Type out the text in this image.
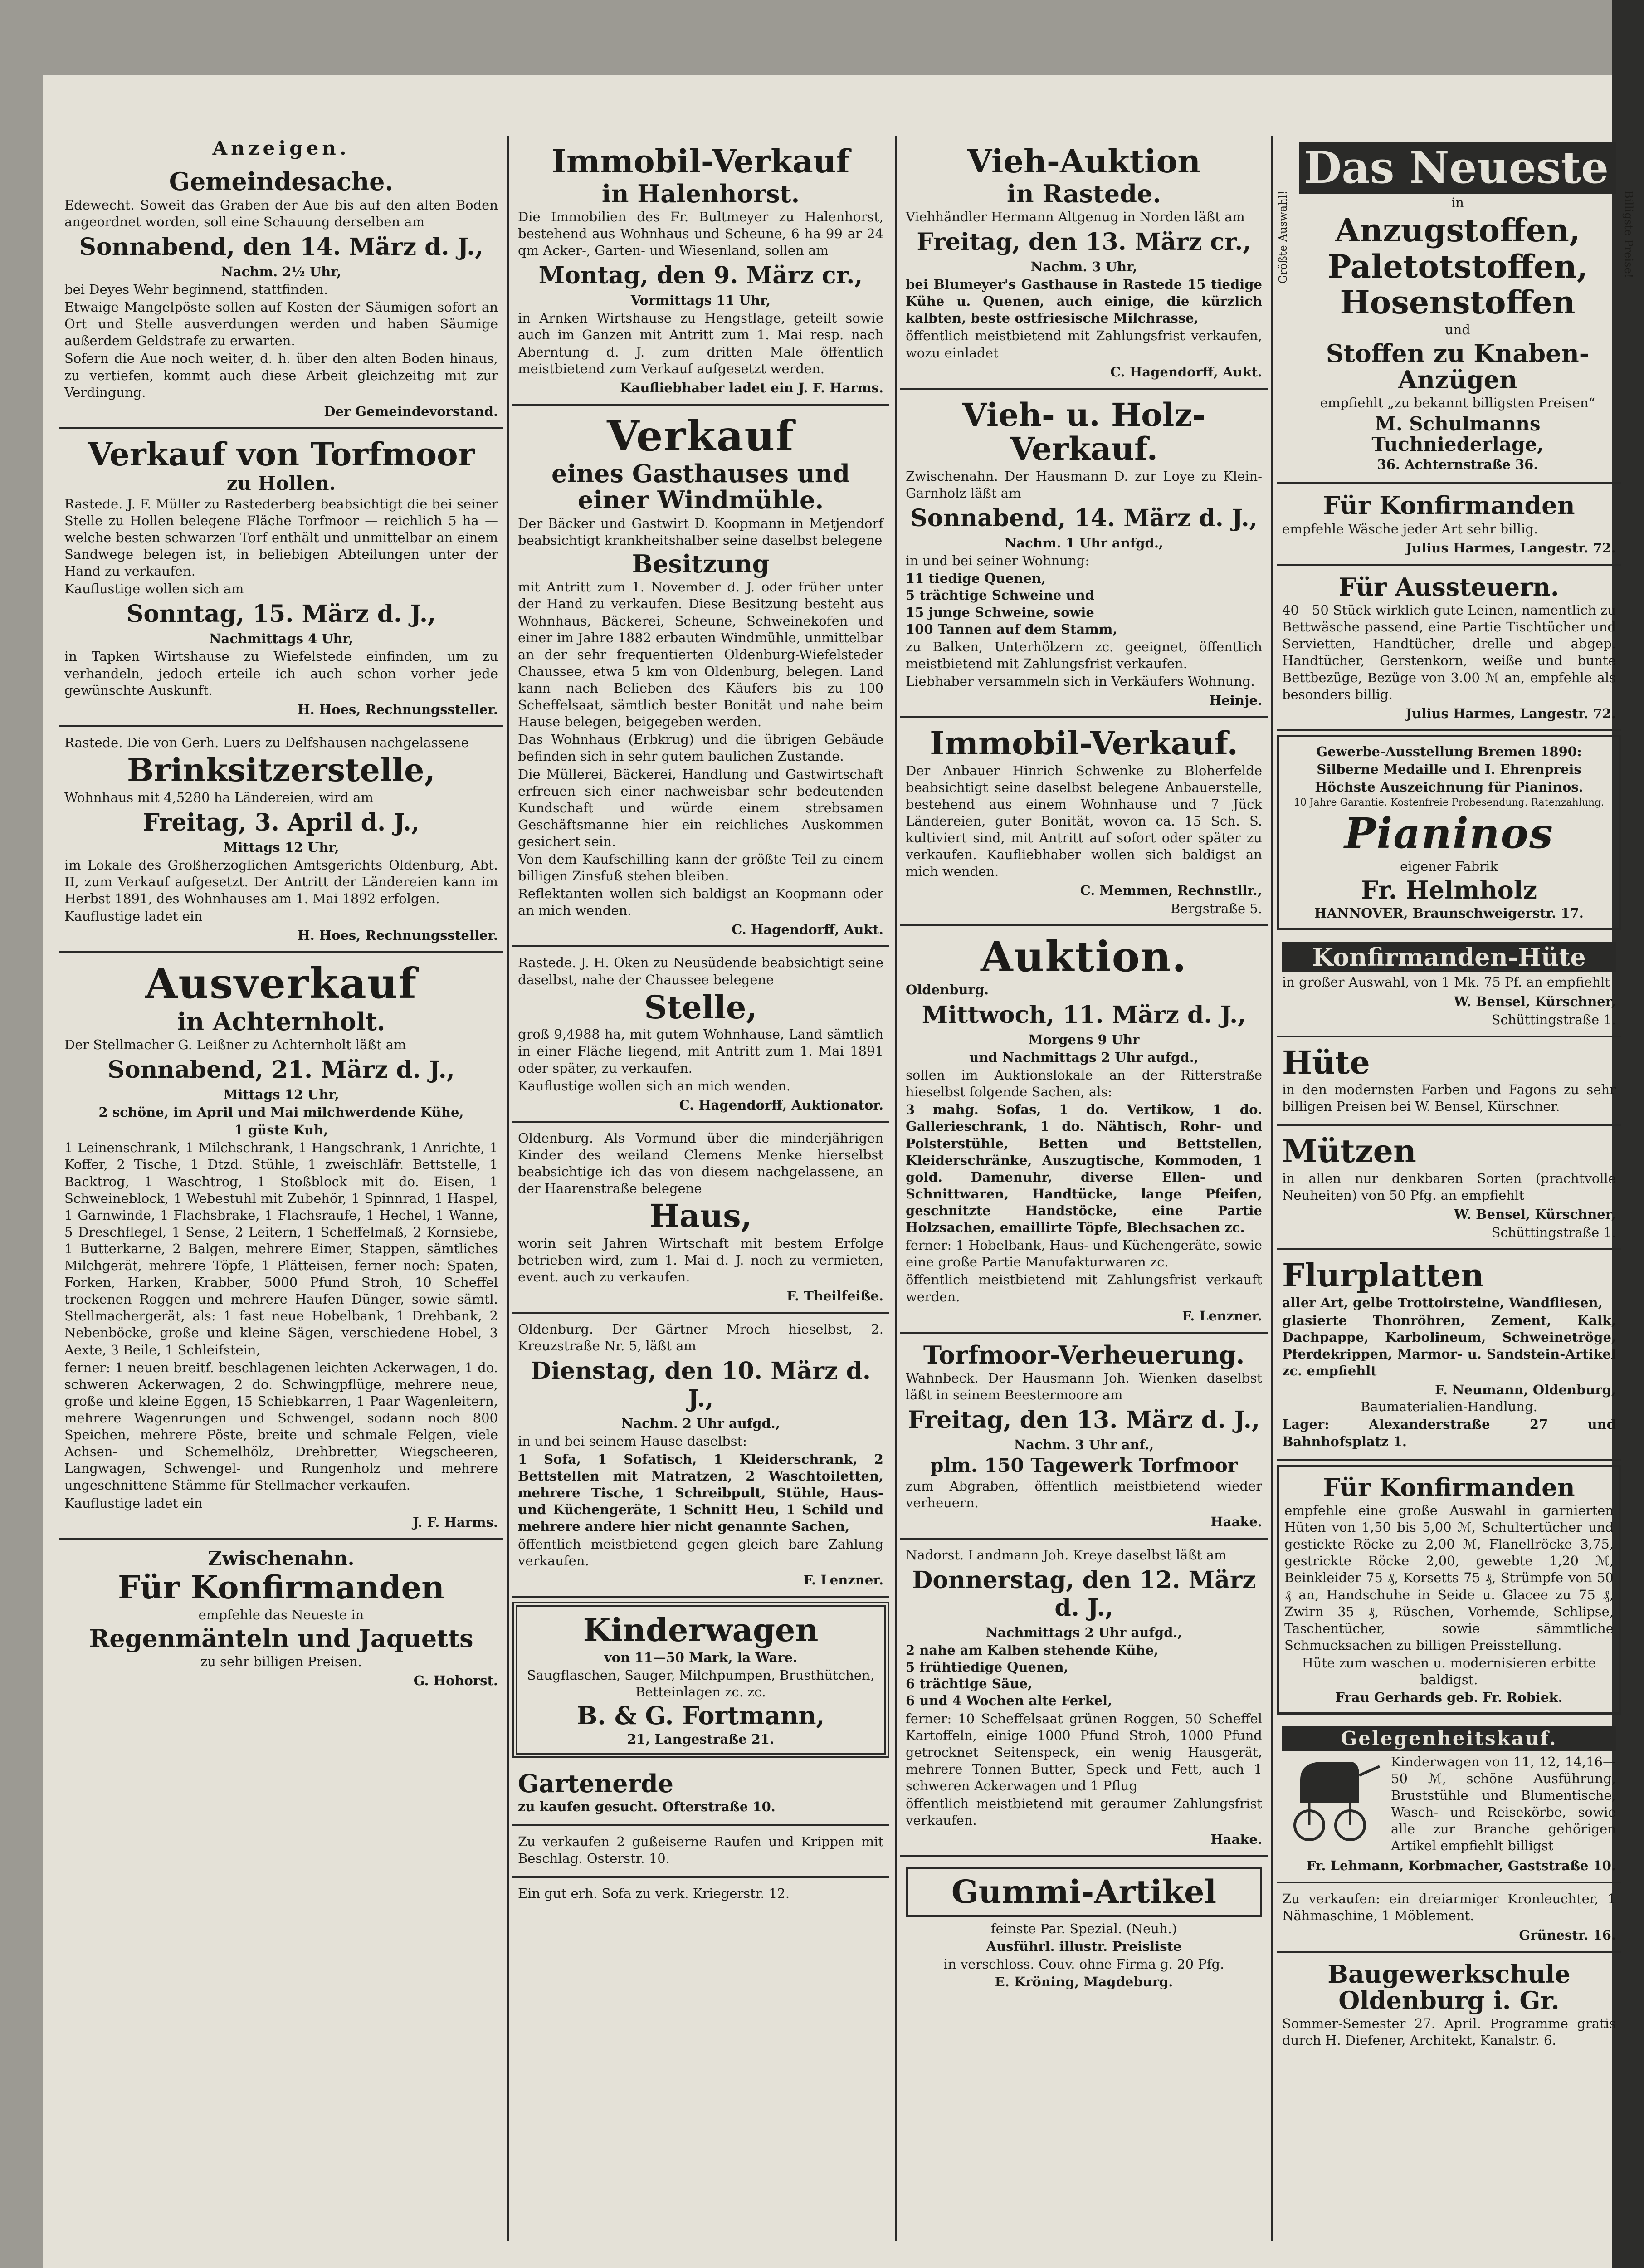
Anzeigen.
Gemeindesache.

Edewecht. Soweit das Graben der Aue bis auf den alten Boden angeordnet worden, soll eine Schauung derselben am

Sonnabend, den 14. März d. J.,
Nachm. 2½ Uhr,

bei Deyes Wehr beginnend, stattfinden.

Etwaige Mangelpöste sollen auf Kosten der Säumigen sofort an Ort und Stelle ausverdungen werden und haben Säumige außerdem Geldstrafe zu erwarten.

Sofern die Aue noch weiter, d. h. über den alten Boden hinaus, zu vertiefen, kommt auch diese Arbeit gleichzeitig mit zur Verdingung.

Der Gemeindevorstand.
Verkauf von Torfmoor
zu Hollen.

Rastede. J. F. Müller zu Rastederberg beabsichtigt die bei seiner Stelle zu Hollen belegene Fläche Torfmoor — reichlich 5 ha — welche besten schwarzen Torf enthält und unmittelbar an einem Sandwege belegen ist, in beliebigen Abteilungen unter der Hand zu verkaufen.

Kauflustige wollen sich am

Sonntag, 15. März d. J.,
Nachmittags 4 Uhr,

in Tapken Wirtshause zu Wiefelstede einfinden, um zu verhandeln, jedoch erteile ich auch schon vorher jede gewünschte Auskunft.

H. Hoes, Rechnungssteller.

Rastede. Die von Gerh. Luers zu Delfshausen nachgelassene

Brinksitzerstelle,

Wohnhaus mit 4,5280 ha Ländereien, wird am

Freitag, 3. April d. J.,
Mittags 12 Uhr,

im Lokale des Großherzoglichen Amtsgerichts Oldenburg, Abt. II, zum Verkauf aufgesetzt. Der Antritt der Ländereien kann im Herbst 1891, des Wohnhauses am 1. Mai 1892 erfolgen.

Kauflustige ladet ein

H. Hoes, Rechnungssteller.
Ausverkauf
in Achternholt.

Der Stellmacher G. Leißner zu Achternholt läßt am

Sonnabend, 21. März d. J.,
Mittags 12 Uhr,

2 schöne, im April und Mai milchwerdende Kühe,

1 güste Kuh,

1 Leinenschrank, 1 Milchschrank, 1 Hangschrank, 1 Anrichte, 1 Koffer, 2 Tische, 1 Dtzd. Stühle, 1 zweischläfr. Bettstelle, 1 Backtrog, 1 Waschtrog, 1 Stoßblock mit do. Eisen, 1 Schweineblock, 1 Webestuhl mit Zubehör, 1 Spinnrad, 1 Haspel, 1 Garnwinde, 1 Flachsbrake, 1 Flachsraufe, 1 Hechel, 1 Wanne, 5 Dreschflegel, 1 Sense, 2 Leitern, 1 Scheffelmaß, 2 Kornsiebe, 1 Butterkarne, 2 Balgen, mehrere Eimer, Stappen, sämtliches Milchgerät, mehrere Töpfe, 1 Plätteisen, ferner noch: Spaten, Forken, Harken, Krabber, 5000 Pfund Stroh, 10 Scheffel trockenen Roggen und mehrere Haufen Dünger, sowie sämtl. Stellmachergerät, als: 1 fast neue Hobelbank, 1 Drehbank, 2 Nebenböcke, große und kleine Sägen, verschiedene Hobel, 3 Aexte, 3 Beile, 1 Schleifstein,

ferner: 1 neuen breitf. beschlagenen leichten Ackerwagen, 1 do. schweren Ackerwagen, 2 do. Schwingpflüge, mehrere neue, große und kleine Eggen, 15 Schiebkarren, 1 Paar Wagenleitern, mehrere Wagenrungen und Schwengel, sodann noch 800 Speichen, mehrere Pöste, breite und schmale Felgen, viele Achsen- und Schemelhölz, Drehbretter, Wiegscheeren, Langwagen, Schwengel- und Rungenholz und mehrere ungeschnittene Stämme für Stellmacher verkaufen.

Kauflustige ladet ein

J. F. Harms.
Zwischenahn.
Für Konfirmanden

empfehle das Neueste in

Regenmänteln und Jaquetts

zu sehr billigen Preisen.

G. Hohorst.
Immobil-Verkauf
in Halenhorst.

Die Immobilien des Fr. Bultmeyer zu Halenhorst, bestehend aus Wohnhaus und Scheune, 6 ha 99 ar 24 qm Acker-, Garten- und Wiesenland, sollen am

Montag, den 9. März cr.,
Vormittags 11 Uhr,

in Arnken Wirtshause zu Hengstlage, geteilt sowie auch im Ganzen mit Antritt zum 1. Mai resp. nach Aberntung d. J. zum dritten Male öffentlich meistbietend zum Verkauf aufgesetzt werden.

Kaufliebhaber ladet ein J. F. Harms.
Verkauf
eines Gasthauses und einer Windmühle.

Der Bäcker und Gastwirt D. Koopmann in Metjendorf beabsichtigt krankheitshalber seine daselbst belegene

Besitzung

mit Antritt zum 1. November d. J. oder früher unter der Hand zu verkaufen. Diese Besitzung besteht aus Wohnhaus, Bäckerei, Scheune, Schweinekofen und einer im Jahre 1882 erbauten Windmühle, unmittelbar an der sehr frequentierten Oldenburg-Wiefelsteder Chaussee, etwa 5 km von Oldenburg, belegen. Land kann nach Belieben des Käufers bis zu 100 Scheffelsaat, sämtlich bester Bonität und nahe beim Hause belegen, beigegeben werden.

Das Wohnhaus (Erbkrug) und die übrigen Gebäude befinden sich in sehr gutem baulichen Zustande.

Die Müllerei, Bäckerei, Handlung und Gastwirtschaft erfreuen sich einer nachweisbar sehr bedeutenden Kundschaft und würde einem strebsamen Geschäftsmanne hier ein reichliches Auskommen gesichert sein.

Von dem Kaufschilling kann der größte Teil zu einem billigen Zinsfuß stehen bleiben.

Reflektanten wollen sich baldigst an Koopmann oder an mich wenden.

C. Hagendorff, Aukt.

Rastede. J. H. Oken zu Neusüdende beabsichtigt seine daselbst, nahe der Chaussee belegene

Stelle,

groß 9,4988 ha, mit gutem Wohnhause, Land sämtlich in einer Fläche liegend, mit Antritt zum 1. Mai 1891 oder später, zu verkaufen.

Kauflustige wollen sich an mich wenden.

C. Hagendorff, Auktionator.

Oldenburg. Als Vormund über die minderjährigen Kinder des weiland Clemens Menke hierselbst beabsichtige ich das von diesem nachgelassene, an der Haarenstraße belegene

Haus,

worin seit Jahren Wirtschaft mit bestem Erfolge betrieben wird, zum 1. Mai d. J. noch zu vermieten, event. auch zu verkaufen.

F. Theilfeiße.

Oldenburg. Der Gärtner Mroch hieselbst, 2. Kreuzstraße Nr. 5, läßt am

Dienstag, den 10. März d. J.,
Nachm. 2 Uhr aufgd.,

in und bei seinem Hause daselbst:

1 Sofa, 1 Sofatisch, 1 Kleiderschrank, 2 Bettstellen mit Matratzen, 2 Waschtoiletten, mehrere Tische, 1 Schreibpult, Stühle, Haus- und Küchengeräte, 1 Schnitt Heu, 1 Schild und mehrere andere hier nicht genannte Sachen,

öffentlich meistbietend gegen gleich bare Zahlung verkaufen.

F. Lenzner.
Kinderwagen

von 11—50 Mark, la Ware.

Saugflaschen, Sauger, Milchpumpen, Brusthütchen, Betteinlagen zc. zc.

B. & G. Fortmann,
21, Langestraße 21.
Gartenerde

zu kaufen gesucht. Ofterstraße 10.

Zu verkaufen 2 gußeiserne Raufen und Krippen mit Beschlag. Osterstr. 10.

Ein gut erh. Sofa zu verk. Kriegerstr. 12.

Vieh-Auktion
in Rastede.

Viehhändler Hermann Altgenug in Norden läßt am

Freitag, den 13. März cr.,
Nachm. 3 Uhr,

bei Blumeyer's Gasthause in Rastede 15 tiedige Kühe u. Quenen, auch einige, die kürzlich kalbten, beste ostfriesische Milchrasse,

öffentlich meistbietend mit Zahlungsfrist verkaufen, wozu einladet

C. Hagendorff, Aukt.
Vieh- u. Holz-Verkauf.

Zwischenahn. Der Hausmann D. zur Loye zu Klein-Garnholz läßt am

Sonnabend, 14. März d. J.,
Nachm. 1 Uhr anfgd.,

in und bei seiner Wohnung:

11 tiedige Quenen,
5 trächtige Schweine und
15 junge Schweine, sowie
100 Tannen auf dem Stamm,

zu Balken, Unterhölzern zc. geeignet, öffentlich meistbietend mit Zahlungsfrist verkaufen.

Liebhaber versammeln sich in Verkäufers Wohnung.

Heinje.
Immobil-Verkauf.

Der Anbauer Hinrich Schwenke zu Bloherfelde beabsichtigt seine daselbst belegene Anbauerstelle, bestehend aus einem Wohnhause und 7 Jück Ländereien, guter Bonität, wovon ca. 15 Sch. S. kultiviert sind, mit Antritt auf sofort oder später zu verkaufen. Kaufliebhaber wollen sich baldigst an mich wenden.

C. Memmen, Rechnstllr.,
Bergstraße 5.
Auktion.

Oldenburg.

Mittwoch, 11. März d. J.,
Morgens 9 Uhr
und Nachmittags 2 Uhr aufgd.,

sollen im Auktionslokale an der Ritterstraße hieselbst folgende Sachen, als:

3 mahg. Sofas, 1 do. Vertikow, 1 do. Gallerieschrank, 1 do. Nähtisch, Rohr- und Polsterstühle, Betten und Bettstellen, Kleiderschränke, Auszugtische, Kommoden, 1 gold. Damenuhr, diverse Ellen- und Schnittwaren, Handtücke, lange Pfeifen, geschnitzte Handstöcke, eine Partie Holzsachen, emaillirte Töpfe, Blechsachen zc.

ferner: 1 Hobelbank, Haus- und Küchengeräte, sowie eine große Partie Manufakturwaren zc.

öffentlich meistbietend mit Zahlungsfrist verkauft werden.

F. Lenzner.
Torfmoor-Verheuerung.

Wahnbeck. Der Hausmann Joh. Wienken daselbst läßt in seinem Beestermoore am

Freitag, den 13. März d. J.,
Nachm. 3 Uhr anf.,
plm. 150 Tagewerk Torfmoor

zum Abgraben, öffentlich meistbietend wieder verheuern.

Haake.

Nadorst. Landmann Joh. Kreye daselbst läßt am

Donnerstag, den 12. März d. J.,
Nachmittags 2 Uhr aufgd.,

2 nahe am Kalben stehende Kühe,
5 frühtiedige Quenen,
6 trächtige Säue,
6 und 4 Wochen alte Ferkel,

ferner: 10 Scheffelsaat grünen Roggen, 50 Scheffel Kartoffeln, einige 1000 Pfund Stroh, 1000 Pfund getrocknet Seitenspeck, ein wenig Hausgerät, mehrere Tonnen Butter, Speck und Fett, auch 1 schweren Ackerwagen und 1 Pflug

öffentlich meistbietend mit geraumer Zahlungsfrist verkaufen.

Haake.
Gummi-Artikel

feinste Par. Spezial. (Neuh.)

Ausführl. illustr. Preisliste

in verschloss. Couv. ohne Firma g. 20 Pfg.

E. Kröning, Magdeburg.
Größte Auswahl!
Das Neueste

in

Anzugstoffen,
Paletotstoffen,
Hosenstoffen

und

Stoffen zu Knaben-Anzügen

empfiehlt „zu bekannt billigsten Preisen“

M. Schulmanns Tuchniederlage,
36. Achternstraße 36.
Billigste Preise!
Für Konfirmanden

empfehle Wäsche jeder Art sehr billig.

Julius Harmes, Langestr. 72.
Für Aussteuern.

40—50 Stück wirklich gute Leinen, namentlich zu Bettwäsche passend, eine Partie Tischtücher und Servietten, Handtücher, drelle und abgep. Handtücher, Gerstenkorn, weiße und bunte Bettbezüge, Bezüge von 3.00 ℳ an, empfehle als besonders billig.

Julius Harmes, Langestr. 72.
Gewerbe-Ausstellung Bremen 1890:
Silberne Medaille und I. Ehrenpreis
Höchste Auszeichnung für Pianinos.
10 Jahre Garantie. Kostenfreie Probesendung. Ratenzahlung.
Pianinos
eigener Fabrik
Fr. Helmholz
HANNOVER, Braunschweigerstr. 17.
Konfirmanden-Hüte

in großer Auswahl, von 1 Mk. 75 Pf. an empfiehlt

W. Bensel, Kürschner,
Schüttingstraße 1.
Hüte

in den modernsten Farben und Fagons zu sehr billigen Preisen bei W. Bensel, Kürschner.

Mützen

in allen nur denkbaren Sorten (prachtvolle Neuheiten) von 50 Pfg. an empfiehlt

W. Bensel, Kürschner,
Schüttingstraße 1.
Flurplatten

aller Art, gelbe Trottoirsteine, Wandfliesen,

glasierte Thonröhren, Zement, Kalk, Dachpappe, Karbolineum, Schweinetröge, Pferdekrippen, Marmor- u. Sandstein-Artikel zc. empfiehlt

F. Neumann, Oldenburg,
Baumaterialien-Handlung.

Lager: Alexanderstraße 27 und Bahnhofsplatz 1.

Für Konfirmanden

empfehle eine große Auswahl in garnierten Hüten von 1,50 bis 5,00 ℳ, Schultertücher und gestickte Röcke zu 2,00 ℳ, Flanellröcke 3,75, gestrickte Röcke 2,00, gewebte 1,20 ℳ, Beinkleider 75 ₰, Korsetts 75 ₰, Strümpfe von 50 ₰ an, Handschuhe in Seide u. Glacee zu 75 ₰, Zwirn 35 ₰, Rüschen, Vorhemde, Schlipse, Taschentücher, sowie sämmtliche Schmucksachen zu billigen Preisstellung.

Hüte zum waschen u. modernisieren erbitte baldigst.

Frau Gerhards geb. Fr. Robiek.
Gelegenheitskauf.

Kinderwagen von 11, 12, 14,16—50 ℳ, schöne Ausführung, Bruststühle und Blumentische, Wasch- und Reisekörbe, sowie alle zur Branche gehörigen Artikel empfiehlt billigst

Fr. Lehmann, Korbmacher, Gaststraße 10.

Zu verkaufen: ein dreiarmiger Kronleuchter, 1 Nähmaschine, 1 Möblement.

Grünestr. 16.
Baugewerkschule Oldenburg i. Gr.

Sommer-Semester 27. April. Programme gratis durch H. Diefener, Architekt, Kanalstr. 6.
